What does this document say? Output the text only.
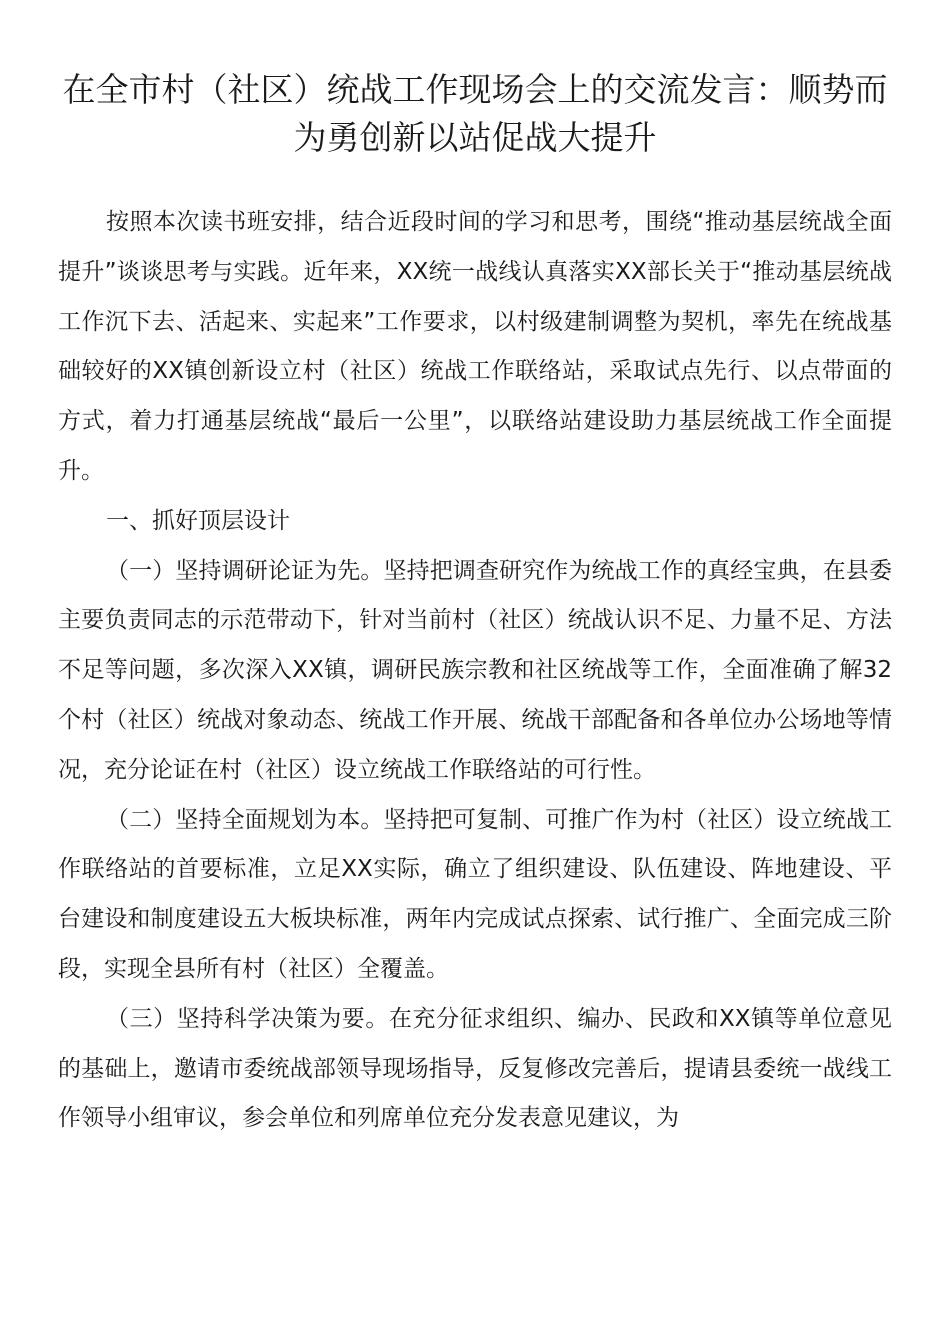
在全市村（社区）统战工作现场会上的交流发言：顺势而为勇创新以站促战大提升

按照本次读书班安排，结合近段时间的学习和思考，围绕“推动基层统战全面提升”谈谈思考与实践。近年来，XX统一战线认真落实XX部长关于“推动基层统战工作沉下去、活起来、实起来”工作要求，以村级建制调整为契机，率先在统战基础较好的XX镇创新设立村（社区）统战工作联络站，采取试点先行、以点带面的方式，着力打通基层统战“最后一公里”，以联络站建设助力基层统战工作全面提升。

一、抓好顶层设计

（一）坚持调研论证为先。坚持把调查研究作为统战工作的真经宝典，在县委主要负责同志的示范带动下，针对当前村（社区）统战认识不足、力量不足、方法不足等问题，多次深入XX镇，调研民族宗教和社区统战等工作，全面准确了解32个村（社区）统战对象动态、统战工作开展、统战干部配备和各单位办公场地等情况，充分论证在村（社区）设立统战工作联络站的可行性。

（二）坚持全面规划为本。坚持把可复制、可推广作为村（社区）设立统战工作联络站的首要标准，立足XX实际，确立了组织建设、队伍建设、阵地建设、平台建设和制度建设五大板块标准，两年内完成试点探索、试行推广、全面完成三阶段，实现全县所有村（社区）全覆盖。

（三）坚持科学决策为要。在充分征求组织、编办、民政和XX镇等单位意见的基础上，邀请市委统战部领导现场指导，反复修改完善后，提请县委统一战线工作领导小组审议，参会单位和列席单位充分发表意见建议，为
